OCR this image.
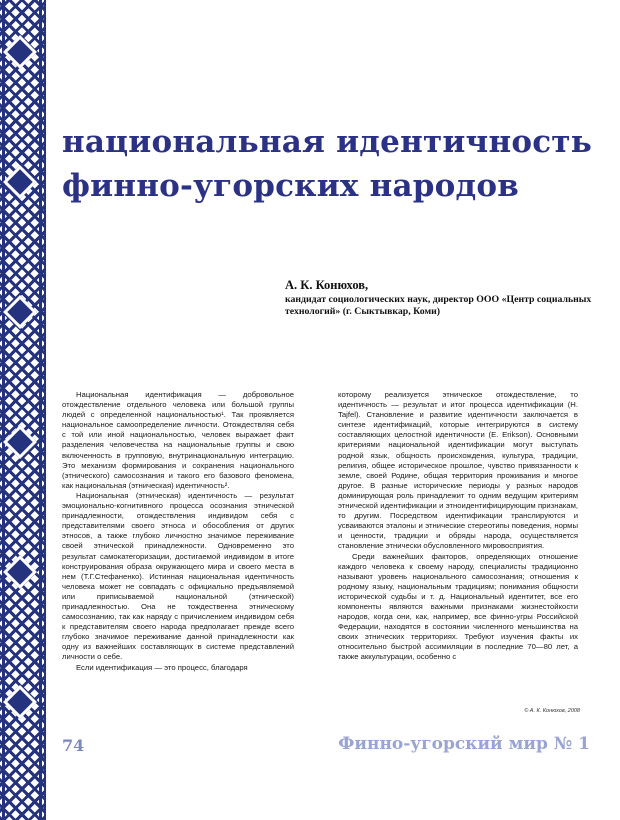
национальная идентичность
финно-угорских народов
А. К. Конюхов,
кандидат социологических наук, директор ООО «Центр социальных технологий» (г. Сыктывкар, Коми)

Национальная идентификация — добровольное отождествление отдельного человека или большой группы людей с определенной национальностью¹. Так проявляется национальное самоопределение личности. Отождествляя себя с той или иной национальностью, человек выражает факт разделения человечества на национальные группы и свою включенность в групповую, внутринациональную интеграцию. Это механизм формирования и сохранения национального (этнического) самосознания и такого его базового феномена, как национальная (этническая) идентичность².

Национальная (этническая) идентичность — результат эмоционально-когнитивного процесса осознания этнической принадлежности, отождествления индивидом себя с представителями своего этноса и обособления от других этносов, а также глубоко личностно значимое переживание своей этнической принадлежности. Одновременно это результат самокатегоризации, достигаемой индивидом в итоге конструирования образа окружающего мира и своего места в нем (Т.Г.Стефаненко). Истинная национальная идентичность человека может не совпадать с официально предъявляемой или приписываемой национальной (этнической) принадлежностью. Она не тождественна этническому самосознанию, так как наряду с причислением индивидом себя к представителям своего народа предполагает прежде всего глубоко значимое переживание данной принадлежности как одну из важнейших составляющих в системе представлений личности о себе.

Если идентификация — это процесс, благодаря

которому реализуется этническое отождествление, то идентичность — результат и итог процесса идентификации (H. Tajfel). Становление и развитие идентичности заключается в синтезе идентификаций, которые интегрируются в систему составляющих целостной идентичности (E. Erikson). Основными критериями национальной идентификации могут выступать родной язык, общность происхождения, культура, традиции, религия, общее историческое прошлое, чувство привязанности к земле, своей Родине, общая территория проживания и многое другое. В разные исторические периоды у разных народов доминирующая роль принадлежит то одним ведущим критериям этнической идентификации и этноидентифицирующим признакам, то другим. Посредством идентификации транслируются и усваиваются эталоны и этнические стереотипы поведения, нормы и ценности, традиции и обряды народа, осуществляется становление этнически обусловленного мировосприятия.

Среди важнейших факторов, определяющих отношение каждого человека к своему народу, специалисты традиционно называют уровень национального самосознания; отношения к родному языку, национальным традициям; понимания общности исторической судьбы и т. д. Национальный идентитет, все его компоненты являются важными признаками жизнестойкости народов, когда они, как, например, все финно-угры Российской Федерации, находятся в состоянии численного меньшинства на своих этнических территориях. Требуют изучения факты их относительно быстрой ассимиляции в последние 70—80 лет, а также аккультурации, особенно с

© А. К. Конюхов, 2008
74	Финно-угорский мир № 1
